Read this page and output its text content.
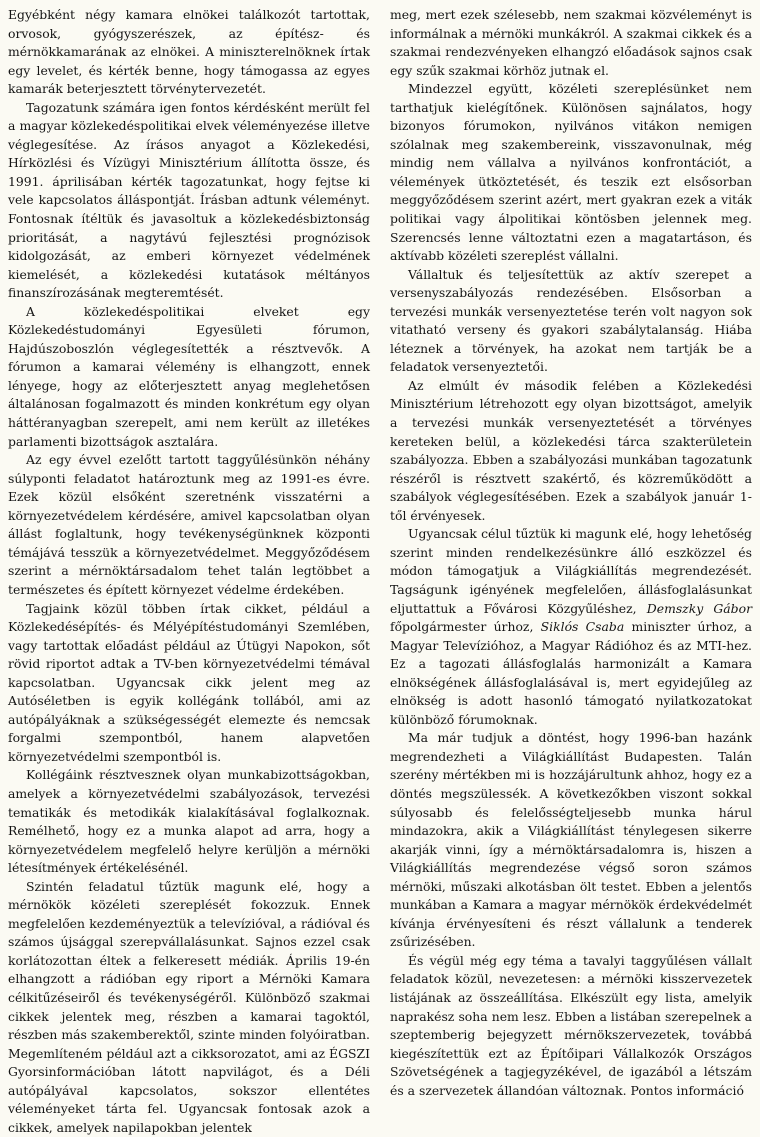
Egyébként négy kamara elnökei találkozót tartottak, orvosok, gyógyszerészek, az építész- és mérnökkamarának az elnökei. A miniszterelnöknek írtak egy levelet, és kérték benne, hogy támogassa az egyes kamarák beterjesztett törvénytervezetét.

Tagozatunk számára igen fontos kérdésként merült fel a magyar közlekedéspolitikai elvek véleményezése illetve véglegesítése. Az írásos anyagot a Közlekedési, Hírközlési és Vízügyi Minisztérium állította össze, és 1991. áprilisában kérték tagozatunkat, hogy fejtse ki vele kapcsolatos álláspontját. Írásban adtunk véleményt. Fontosnak ítéltük és javasoltuk a közlekedésbiztonság prioritását, a nagytávú fejlesztési prognózisok kidolgozását, az emberi környezet védelmének kiemelését, a közlekedési kutatások méltányos finanszírozásának megteremtését.

A közlekedéspolitikai elveket egy Közlekedéstudományi Egyesületi fórumon, Hajdúszoboszlón véglegesítették a résztvevők. A fórumon a kamarai vélemény is elhangzott, ennek lényege, hogy az előterjesztett anyag meglehetősen általánosan fogalmazott és minden konkrétum egy olyan háttéranyagban szerepelt, ami nem került az illetékes parlamenti bizottságok asztalára.

Az egy évvel ezelőtt tartott taggyűlésünkön néhány súlyponti feladatot határoztunk meg az 1991-es évre. Ezek közül elsőként szeretnénk visszatérni a környezetvédelem kérdésére, amivel kapcsolatban olyan állást foglaltunk, hogy tevékenységünknek központi témájává tesszük a környezetvédelmet. Meggyőződésem szerint a mérnöktársadalom tehet talán legtöbbet a természetes és épített környezet védelme érdekében.

Tagjaink közül többen írtak cikket, például a Közlekedésépítés- és Mélyépítéstudományi Szemlében, vagy tartottak előadást például az Útügyi Napokon, sőt rövid riportot adtak a TV-ben környezetvédelmi témával kapcsolatban. Ugyancsak cikk jelent meg az Autóséletben is egyik kollégánk tollából, ami az autópályáknak a szükségességét elemezte és nemcsak forgalmi szempontból, hanem alapvetően környezetvédelmi szempontból is.

Kollégáink résztvesznek olyan munkabizottságokban, amelyek a környezetvédelmi szabályozások, tervezési tematikák és metodikák kialakításával foglalkoznak. Remélhető, hogy ez a munka alapot ad arra, hogy a környezetvédelem megfelelő helyre kerüljön a mérnöki létesítmények értékelésénél.

Szintén feladatul tűztük magunk elé, hogy a mérnökök közéleti szereplését fokozzuk. Ennek megfelelően kezdeményeztük a televízióval, a rádióval és számos újsággal szerepvállalásunkat. Sajnos ezzel csak korlátozottan éltek a felkeresett médiák. Április 19-én elhangzott a rádióban egy riport a Mérnöki Kamara célkitűzéseiről és tevékenységéről. Különböző szakmai cikkek jelentek meg, részben a kamarai tagoktól, részben más szakemberektől, szinte minden folyóiratban. Megemlíteném például azt a cikksorozatot, ami az ÉGSZI Gyorsinformációban látott napvilágot, és a Déli autópályával kapcsolatos, sokszor ellentétes véleményeket tárta fel. Ugyancsak fontosak azok a cikkek, amelyek napilapokban jelentek

meg, mert ezek szélesebb, nem szakmai közvéleményt is informálnak a mérnöki munkákról. A szakmai cikkek és a szakmai rendezvényeken elhangzó előadások sajnos csak egy szűk szakmai körhöz jutnak el.

Mindezzel együtt, közéleti szereplésünket nem tarthatjuk kielégítőnek. Különösen sajnálatos, hogy bizonyos fórumokon, nyilvános vitákon nemigen szólalnak meg szakembereink, visszavonulnak, még mindig nem vállalva a nyilvános konfrontációt, a vélemények ütköztetését, és teszik ezt elsősorban meggyőződésem szerint azért, mert gyakran ezek a viták politikai vagy álpolitikai köntösben jelennek meg. Szerencsés lenne változtatni ezen a magatartáson, és aktívabb közéleti szereplést vállalni.

Vállaltuk és teljesítettük az aktív szerepet a versenyszabályozás rendezésében. Elsősorban a tervezési munkák versenyeztetése terén volt nagyon sok vitatható verseny és gyakori szabálytalanság. Hiába léteznek a törvények, ha azokat nem tartják be a feladatok versenyeztetői.

Az elmúlt év második felében a Közlekedési Minisztérium létrehozott egy olyan bizottságot, amelyik a tervezési munkák versenyeztetését a törvényes kereteken belül, a közlekedési tárca szakterületein szabályozza. Ebben a szabályozási munkában tagozatunk részéről is résztvett szakértő, és közreműködött a szabályok véglegesítésében. Ezek a szabályok január 1-től érvényesek.

Ugyancsak célul tűztük ki magunk elé, hogy lehetőség szerint minden rendelkezésünkre álló eszközzel és módon támogatjuk a Világkiállítás megrendezését. Tagságunk igényének megfelelően, állásfoglalásunkat eljuttattuk a Fővárosi Közgyűléshez, Demszky Gábor főpolgármester úrhoz, Siklós Csaba miniszter úrhoz, a Magyar Televízióhoz, a Magyar Rádióhoz és az MTI-hez. Ez a tagozati állásfoglalás harmonizált a Kamara elnökségének állásfoglalásával is, mert egyidejűleg az elnökség is adott hasonló támogató nyilatkozatokat különböző fórumoknak.

Ma már tudjuk a döntést, hogy 1996-ban hazánk megrendezheti a Világkiállítást Budapesten. Talán szerény mértékben mi is hozzájárultunk ahhoz, hogy ez a döntés megszülessék. A következőkben viszont sokkal súlyosabb és felelősségteljesebb munka hárul mindazokra, akik a Világkiállítást ténylegesen sikerre akarják vinni, így a mérnöktársadalomra is, hiszen a Világkiállítás megrendezése végső soron számos mérnöki, műszaki alkotásban ölt testet. Ebben a jelentős munkában a Kamara a magyar mérnökök érdekvédelmét kívánja érvényesíteni és részt vállalunk a tenderek zsűrizésében.

És végül még egy téma a tavalyi taggyűlésen vállalt feladatok közül, nevezetesen: a mérnöki kisszervezetek listájának az összeállítása. Elkészült egy lista, amelyik naprakész soha nem lesz. Ebben a listában szerepelnek a szeptemberig bejegyzett mérnökszervezetek, továbbá kiegészítettük ezt az Építőipari Vállalkozók Országos Szövetségének a tagjegyzékével, de igazából a létszám és a szervezetek állandóan változnak. Pontos információ
